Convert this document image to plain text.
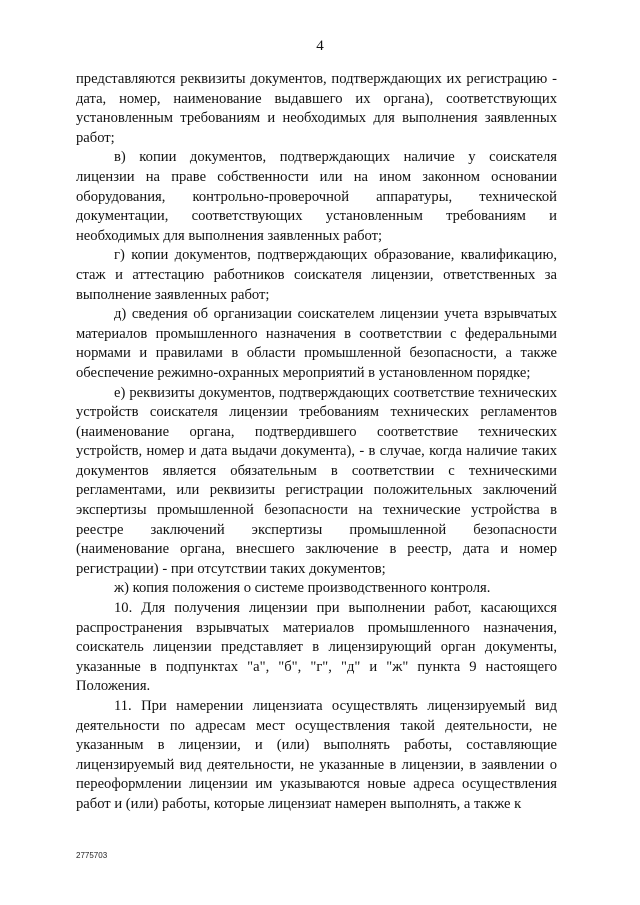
4

представляются реквизиты документов, подтверждающих их регистрацию - дата, номер, наименование выдавшего их органа), соответствующих установленным требованиям и необходимых для выполнения заявленных работ;

в) копии документов, подтверждающих наличие у соискателя лицензии на праве собственности или на ином законном основании оборудования, контрольно-проверочной аппаратуры, технической документации, соответствующих установленным требованиям и необходимых для выполнения заявленных работ;

г) копии документов, подтверждающих образование, квалификацию, стаж и аттестацию работников соискателя лицензии, ответственных за выполнение заявленных работ;

д) сведения об организации соискателем лицензии учета взрывчатых материалов промышленного назначения в соответствии с федеральными нормами и правилами в области промышленной безопасности, а также обеспечение режимно-охранных мероприятий в установленном порядке;

е) реквизиты документов, подтверждающих соответствие технических устройств соискателя лицензии требованиям технических регламентов (наименование органа, подтвердившего соответствие технических устройств, номер и дата выдачи документа), - в случае, когда наличие таких документов является обязательным в соответствии с техническими регламентами, или реквизиты регистрации положительных заключений экспертизы промышленной безопасности на технические устройства в реестре заключений экспертизы промышленной безопасности (наименование органа, внесшего заключение в реестр, дата и номер регистрации) - при отсутствии таких документов;

ж) копия положения о системе производственного контроля.

10. Для получения лицензии при выполнении работ, касающихся распространения взрывчатых материалов промышленного назначения, соискатель лицензии представляет в лицензирующий орган документы, указанные в подпунктах "а", "б", "г", "д" и "ж" пункта 9 настоящего Положения.

11. При намерении лицензиата осуществлять лицензируемый вид деятельности по адресам мест осуществления такой деятельности, не указанным в лицензии, и (или) выполнять работы, составляющие лицензируемый вид деятельности, не указанные в лицензии, в заявлении о переоформлении лицензии им указываются новые адреса осуществления работ и (или) работы, которые лицензиат намерен выполнять, а также к

2775703
